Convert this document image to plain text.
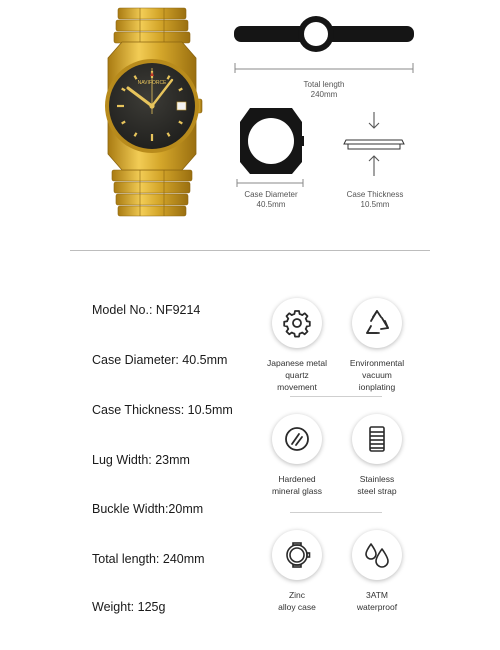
NAVIFORCE	Total length
240mm
Case Diameter
40.5mm
Case Thickness
10.5mm
Model No.: NF9214
Case Diameter: 40.5mm
Case Thickness: 10.5mm
Lug Width: 23mm
Buckle Width:20mm
Total length: 240mm
Weight: 125g
Japanese metal
quartz movement
Environmental
vacuum ionplating
Hardened
mineral glass
Stainless
steel strap
Zinc
alloy case
3ATM
waterproof
